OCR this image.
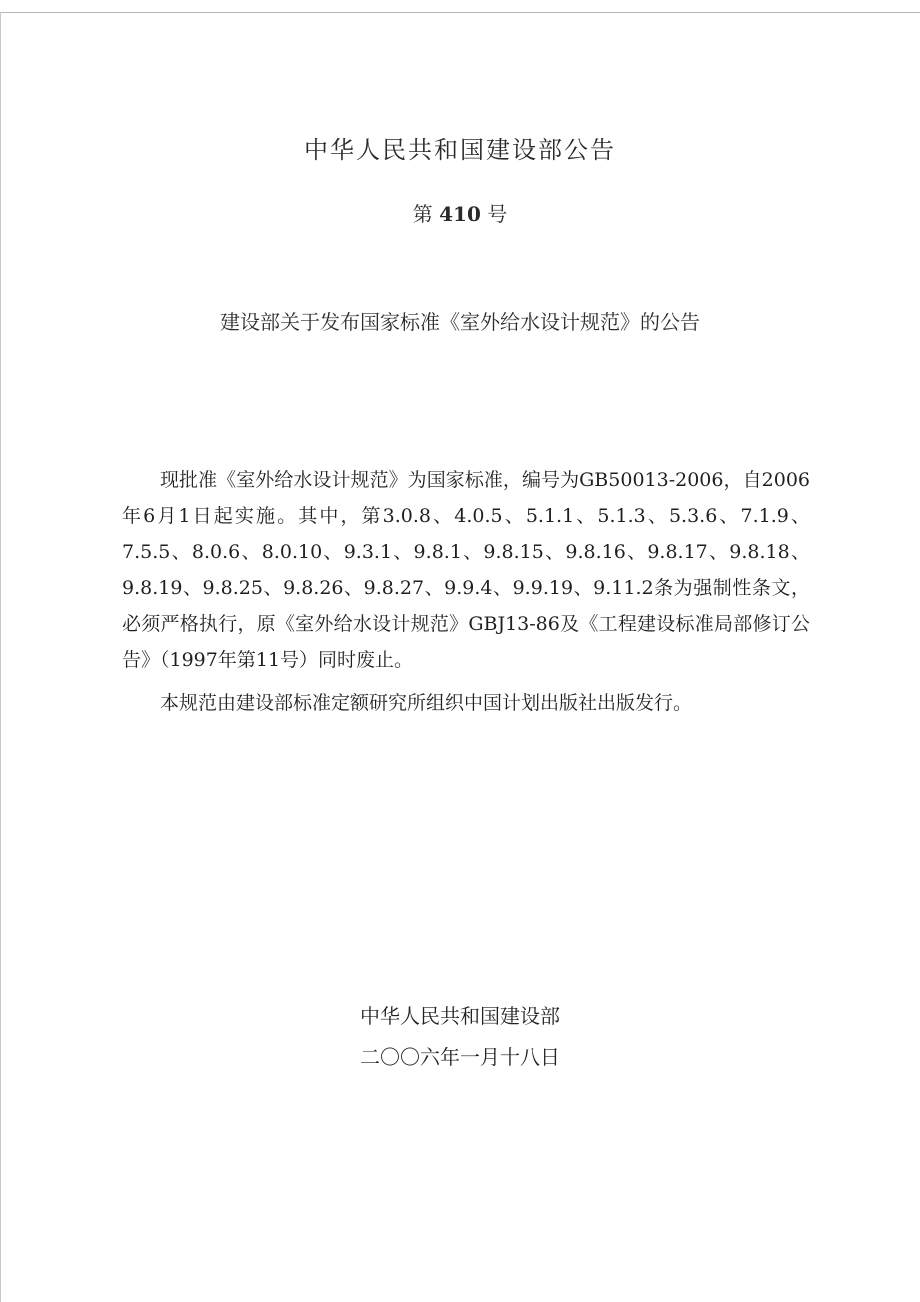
中华人民共和国建设部公告
第 410 号
建设部关于发布国家标准《室外给水设计规范》的公告

现批准《室外给水设计规范》为国家标准，编号为GB50013-2006，自2006年6月1日起实施。其中，第3.0.8、4.0.5、5.1.1、5.1.3、5.3.6、7.1.9、7.5.5、8.0.6、8.0.10、9.3.1、9.8.1、9.8.15、9.8.16、9.8.17、9.8.18、9.8.19、9.8.25、9.8.26、9.8.27、9.9.4、9.9.19、9.11.2条为强制性条文，必须严格执行，原《室外给水设计规范》GBJ13-86及《工程建设标准局部修订公告》（1997年第11号）同时废止。

本规范由建设部标准定额研究所组织中国计划出版社出版发行。

中华人民共和国建设部
二〇〇六年一月十八日
